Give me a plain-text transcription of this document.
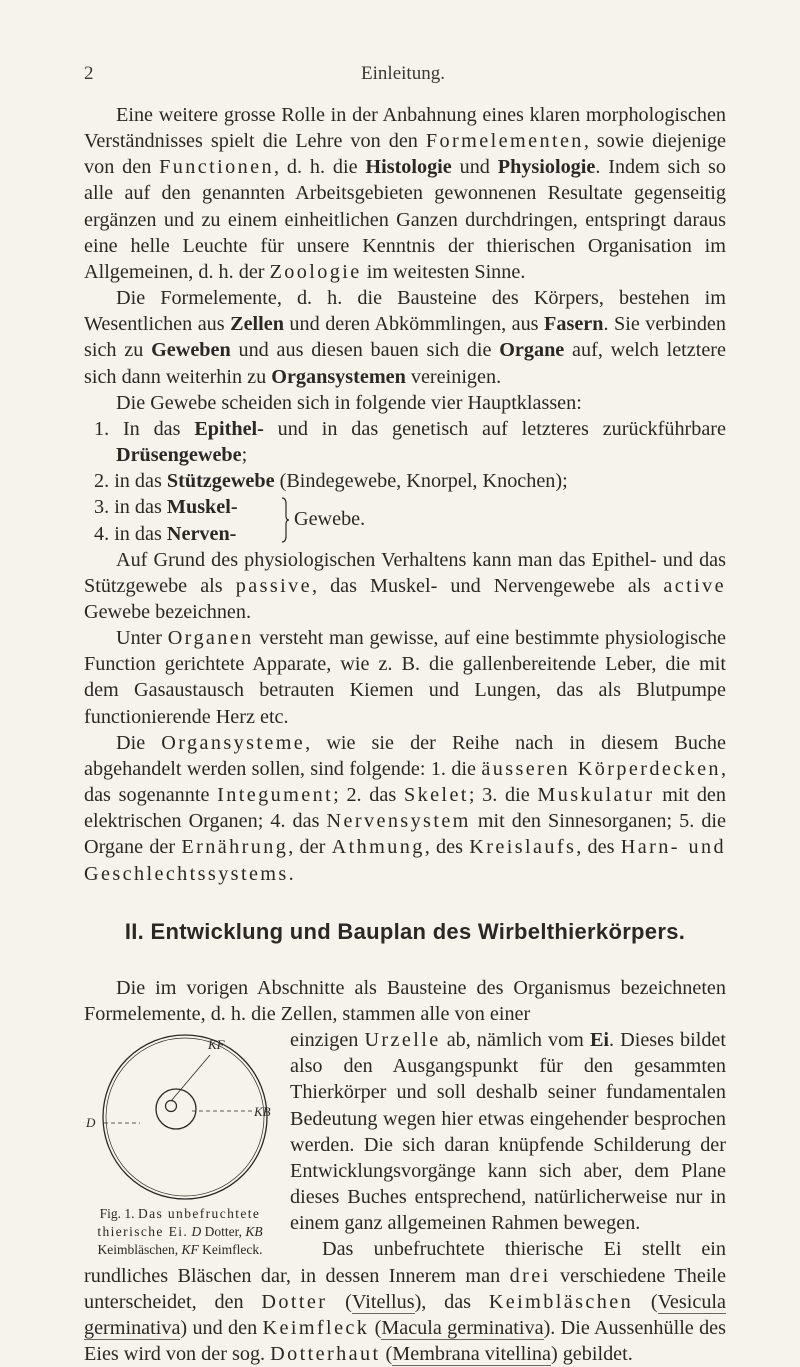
2	Einleitung.

Eine weitere grosse Rolle in der Anbahnung eines klaren morphologischen Verständnisses spielt die Lehre von den Formelementen, sowie diejenige von den Functionen, d. h. die Histologie und Physiologie. Indem sich so alle auf den genannten Arbeitsgebieten gewonnenen Resultate gegenseitig ergänzen und zu einem einheitlichen Ganzen durchdringen, entspringt daraus eine helle Leuchte für unsere Kenntnis der thierischen Organisation im Allgemeinen, d. h. der Zoologie im weitesten Sinne.

Die Formelemente, d. h. die Bausteine des Körpers, bestehen im Wesentlichen aus Zellen und deren Abkömmlingen, aus Fasern. Sie verbinden sich zu Geweben und aus diesen bauen sich die Organe auf, welch letztere sich dann weiterhin zu Organsystemen vereinigen.

Die Gewebe scheiden sich in folgende vier Hauptklassen:

1. In das Epithel- und in das genetisch auf letzteres zurückführbare Drüsengewebe;
2. in das Stützgewebe (Bindegewebe, Knorpel, Knochen);
3. in das Muskel-
4. in das Nerven-
Gewebe.

Auf Grund des physiologischen Verhaltens kann man das Epithel- und das Stützgewebe als passive, das Muskel- und Nervengewebe als active Gewebe bezeichnen.

Unter Organen versteht man gewisse, auf eine bestimmte physiologische Function gerichtete Apparate, wie z. B. die gallenbereitende Leber, die mit dem Gasaustausch betrauten Kiemen und Lungen, das als Blutpumpe functionierende Herz etc.

Die Organsysteme, wie sie der Reihe nach in diesem Buche abgehandelt werden sollen, sind folgende: 1. die äusseren Körperdecken, das sogenannte Integument; 2. das Skelet; 3. die Muskulatur mit den elektrischen Organen; 4. das Nervensystem mit den Sinnesorganen; 5. die Organe der Ernährung, der Athmung, des Kreislaufs, des Harn- und Geschlechtssystems.

II. Entwicklung und Bauplan des Wirbelthierkörpers.

Die im vorigen Abschnitte als Bausteine des Organismus bezeichneten Formelemente, d. h. die Zellen, stammen alle von einer

KF
KB
D
Fig. 1. Das unbefruchtete thierische Ei. D Dotter, KB Keimbläschen, KF Keimfleck.

einzigen Urzelle ab, nämlich vom Ei. Dieses bildet also den Ausgangspunkt für den gesammten Thierkörper und soll deshalb seiner fundamentalen Bedeutung wegen hier etwas eingehender besprochen werden. Die sich daran knüpfende Schilderung der Entwicklungsvorgänge kann sich aber, dem Plane dieses Buches entsprechend, natürlicherweise nur in einem ganz allgemeinen Rahmen bewegen.

Das unbefruchtete thierische Ei stellt ein rundliches Bläschen dar, in dessen Innerem man drei verschiedene Theile unterscheidet, den Dotter (Vitellus), das Keimbläschen (Vesicula germinativa) und den Keimfleck (Macula germinativa). Die Aussenhülle des Eies wird von der sog. Dotterhaut (Membrana vitellina) gebildet.
